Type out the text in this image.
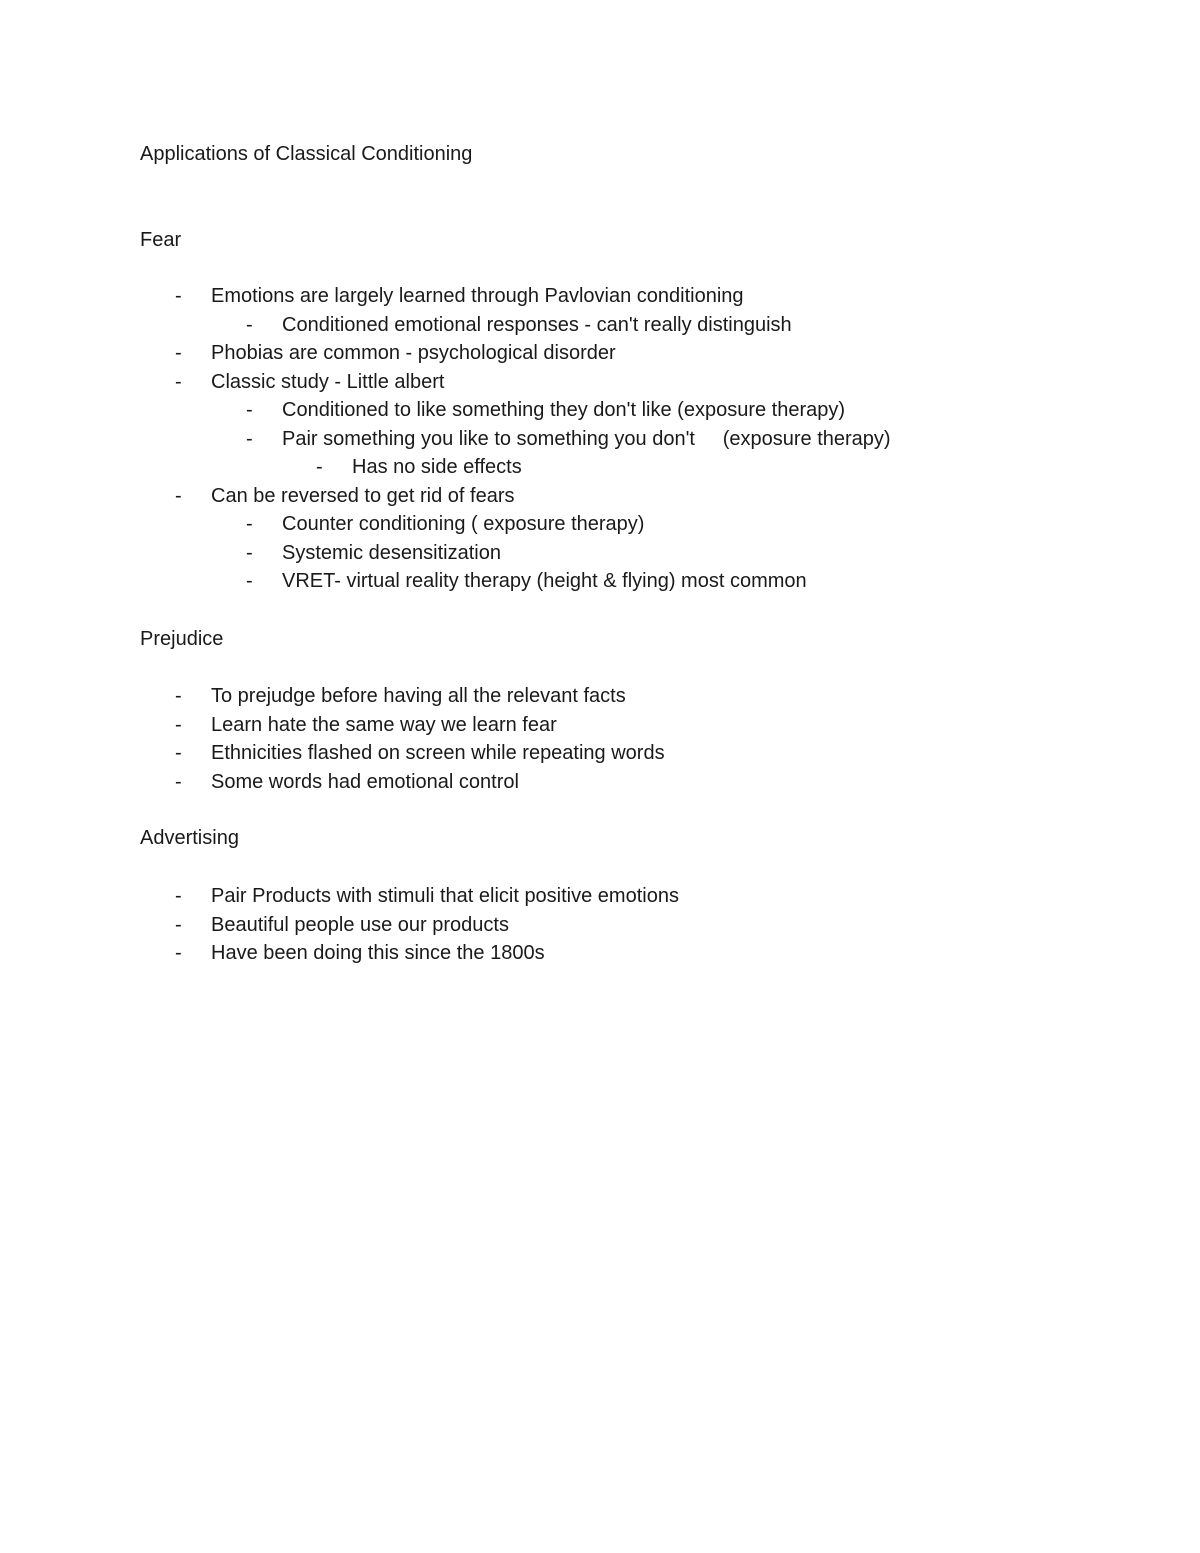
Applications of Classical Conditioning
Fear
- Emotions are largely learned through Pavlovian conditioning
- Conditioned emotional responses - can't really distinguish
- Phobias are common - psychological disorder
- Classic study - Little albert
- Conditioned to like something they don't like (exposure therapy)
- Pair something you like to something you don't     (exposure therapy)
- Has no side effects
- Can be reversed to get rid of fears
- Counter conditioning ( exposure therapy)
- Systemic desensitization
- VRET- virtual reality therapy (height & flying) most common
Prejudice
- To prejudge before having all the relevant facts
- Learn hate the same way we learn fear
- Ethnicities flashed on screen while repeating words
- Some words had emotional control
Advertising
- Pair Products with stimuli that elicit positive emotions
- Beautiful people use our products
- Have been doing this since the 1800s
